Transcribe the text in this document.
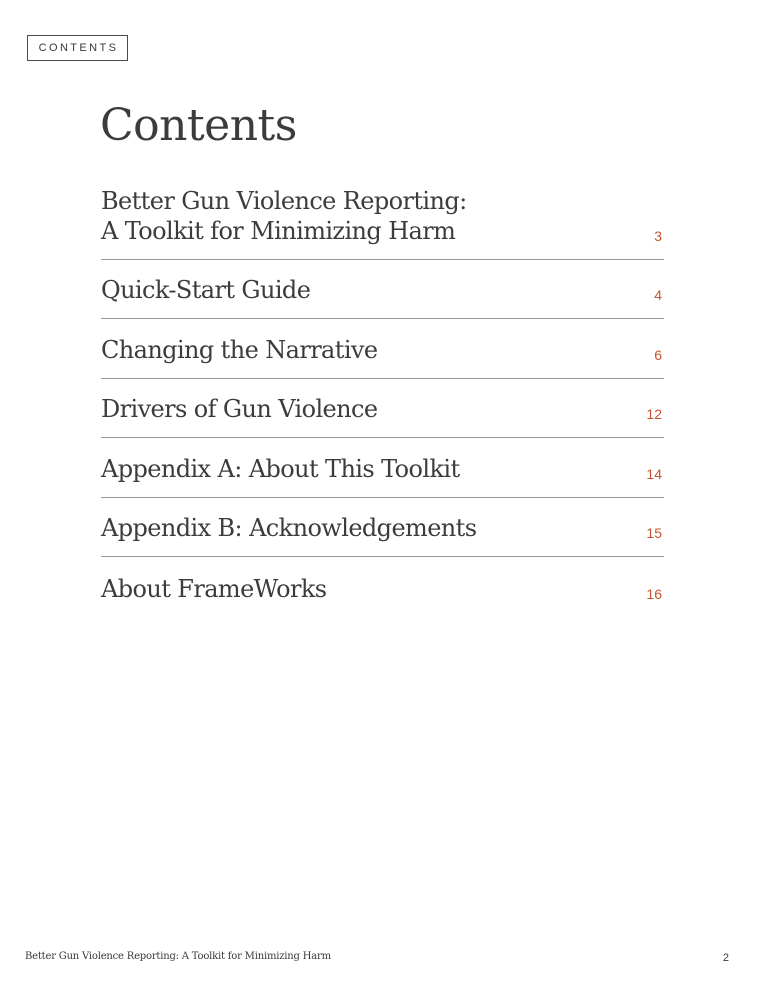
CONTENTS
Contents
Better Gun Violence Reporting:
A Toolkit for Minimizing Harm	3
Quick-Start Guide	4
Changing the Narrative	6
Drivers of Gun Violence	12
Appendix A: About This Toolkit	14
Appendix B: Acknowledgements	15
About FrameWorks	16
Better Gun Violence Reporting: A Toolkit for Minimizing Harm	2
